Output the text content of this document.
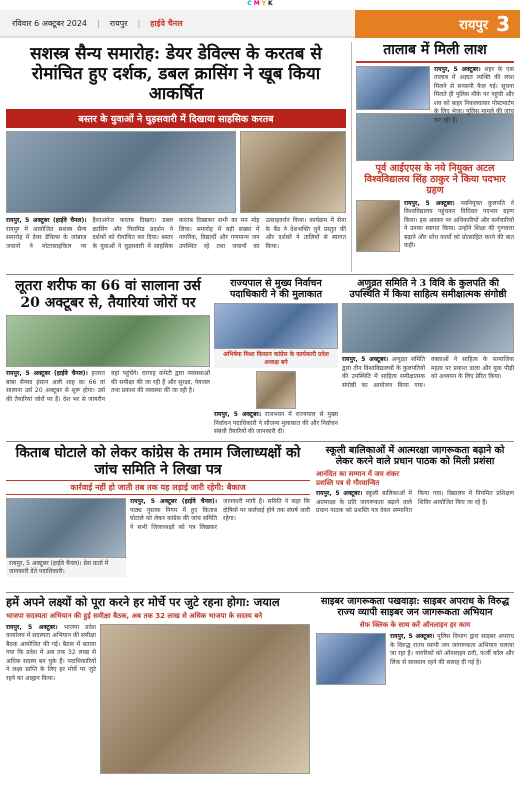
C M Y K
रविवार 6 अक्टूबर 2024 | रायपुर | हाईवे चैनल	रायपुर 3
सशस्त्र सैन्य समारोह: डेयर डेविल्स के करतब से रोमांचित हुए दर्शक, डबल क्रासिंग ने खूब किया आकर्षित
बस्तर के युवाओं ने घुड़सवारी में दिखाया साहसिक करतब
रायपुर, 5 अक्टूबर (हाईवे चैनल)। रायपुर में आयोजित सशस्त्र सैन्य समारोह में डेयर डेविल्स के जांबाज जवानों ने मोटरसाइकिल पर हैरतअंगेज करतब दिखाए। डबल क्रासिंग और पिरामिड प्रदर्शन ने दर्शकों को रोमांचित कर दिया। बस्तर के युवाओं ने घुड़सवारी में साहसिक करतब दिखाकर सभी का मन मोह लिया। समारोह में बड़ी संख्या में नागरिक, विद्यार्थी और गणमान्य जन उपस्थित रहे तथा जवानों का उत्साहवर्धन किया। कार्यक्रम में सेना के बैंड ने देशभक्ति धुनें प्रस्तुत कीं और दर्शकों ने तालियों से स्वागत किया।
तालाब में मिली लाश
रायपुर, 5 अक्टूबर। शहर के एक तालाब में अज्ञात व्यक्ति की लाश मिलने से सनसनी फैल गई। सूचना मिलते ही पुलिस मौके पर पहुंची और शव को बाहर निकलवाकर पोस्टमार्टम के लिए भेजा। पुलिस मामले की जांच कर रही है।
पूर्व आईएएस के नये नियुक्त अटल विश्वविद्यालय सिंह ठाकुर ने किया पदभार ग्रहण
रायपुर, 5 अक्टूबर। नवनियुक्त कुलपति ने विश्वविद्यालय पहुंचकर विधिवत पदभार ग्रहण किया। इस अवसर पर अधिकारियों और कर्मचारियों ने उनका स्वागत किया। उन्होंने शिक्षा की गुणवत्ता बढ़ाने और शोध कार्यों को प्रोत्साहित करने की बात कही।
लूतरा शरीफ का 66 वां सालाना उर्स 20 अक्टूबर से, तैयारियां जोरों पर
रायपुर, 5 अक्टूबर (हाईवे चैनल)। हजरत बाबा सैय्यद इंसान अली शाह का 66 वां सालाना उर्स 20 अक्टूबर से शुरू होगा। उर्स की तैयारियां जोरों पर हैं। देश भर से जायरीन यहां पहुंचेंगे। दरगाह कमेटी द्वारा व्यवस्थाओं की समीक्षा की जा रही है और सुरक्षा, पेयजल तथा प्रकाश की व्यवस्था की जा रही है।
राज्यपाल से मुख्य निर्वाचन पदाधिकारी ने की मुलाकात
अभिषेक मिश्रा किसान कांग्रेस के कार्यकारी प्रदेश अध्यक्ष बने
रायपुर, 5 अक्टूबर। राजभवन में राज्यपाल से मुख्य निर्वाचन पदाधिकारी ने सौजन्य मुलाकात की और निर्वाचन संबंधी तैयारियों की जानकारी दी।
अणुव्रत समिति ने 3 विवि के कुलपति की उपस्थिति में किया साहित्य समीक्षात्मक संगोष्ठी
रायपुर, 5 अक्टूबर। अणुव्रत समिति द्वारा तीन विश्वविद्यालयों के कुलपतियों की उपस्थिति में साहित्य समीक्षात्मक संगोष्ठी का आयोजन किया गया। वक्ताओं ने साहित्य के सामाजिक महत्व पर प्रकाश डाला और युवा पीढ़ी को अध्ययन के लिए प्रेरित किया।
किताब घोटाले को लेकर कांग्रेस के तमाम जिलाध्यक्षों को जांच समिति ने लिखा पत्र
कार्रवाई नहीं हो जाती तब तक यह लड़ाई जारी रहेगी: बैकाज
रायपुर, 5 अक्टूबर (हाईवे चैनल)। प्रेस वार्ता में जानकारी देते पदाधिकारी।
रायपुर, 5 अक्टूबर (हाईवे चैनल)। पाठ्य पुस्तक निगम में हुए किताब घोटाले को लेकर कांग्रेस की जांच समिति ने सभी जिलाध्यक्षों को पत्र लिखकर जानकारी मांगी है। समिति ने कहा कि दोषियों पर कार्रवाई होने तक संघर्ष जारी रहेगा।
स्कूली बालिकाओं में आत्मरक्षा जागरूकता बढ़ाने को लेकर करने वाले प्रधान पाठक को मिली प्रशंसा
आनंदित का सम्मान में जय शंकर
प्रशस्ति पत्र से गौरवान्वित
रायपुर, 5 अक्टूबर। स्कूली बालिकाओं में आत्मरक्षा के प्रति जागरूकता बढ़ाने वाले प्रधान पाठक को प्रशस्ति पत्र देकर सम्मानित किया गया। विद्यालय में नियमित प्रशिक्षण शिविर आयोजित किए जा रहे हैं।
हमें अपने लक्ष्यों को पूरा करने हर मोर्चे पर जुटे रहना होगा: जयाल
भाजपा सदस्यता अभियान की हुई समीक्षा बैठक, अब तक 32 लाख से अधिक भाजपा के सदस्य बने
रायपुर, 5 अक्टूबर। भाजपा प्रदेश कार्यालय में सदस्यता अभियान की समीक्षा बैठक आयोजित की गई। बैठक में बताया गया कि प्रदेश में अब तक 32 लाख से अधिक सदस्य बन चुके हैं। पदाधिकारियों ने लक्ष्य प्राप्ति के लिए हर मोर्चे पर जुटे रहने का आह्वान किया।
साइबर जागरूकता पखवाड़ा: साइबर अपराध के विरुद्ध राज्य व्यापी साइबर जन जागरूकता अभियान
सेफ क्लिक के साथ करें ऑनलाइन हर काम
रायपुर, 5 अक्टूबर। पुलिस विभाग द्वारा साइबर अपराध के विरुद्ध राज्य व्यापी जन जागरूकता अभियान चलाया जा रहा है। नागरिकों को ऑनलाइन ठगी, फर्जी कॉल और लिंक से सावधान रहने की सलाह दी गई है।
